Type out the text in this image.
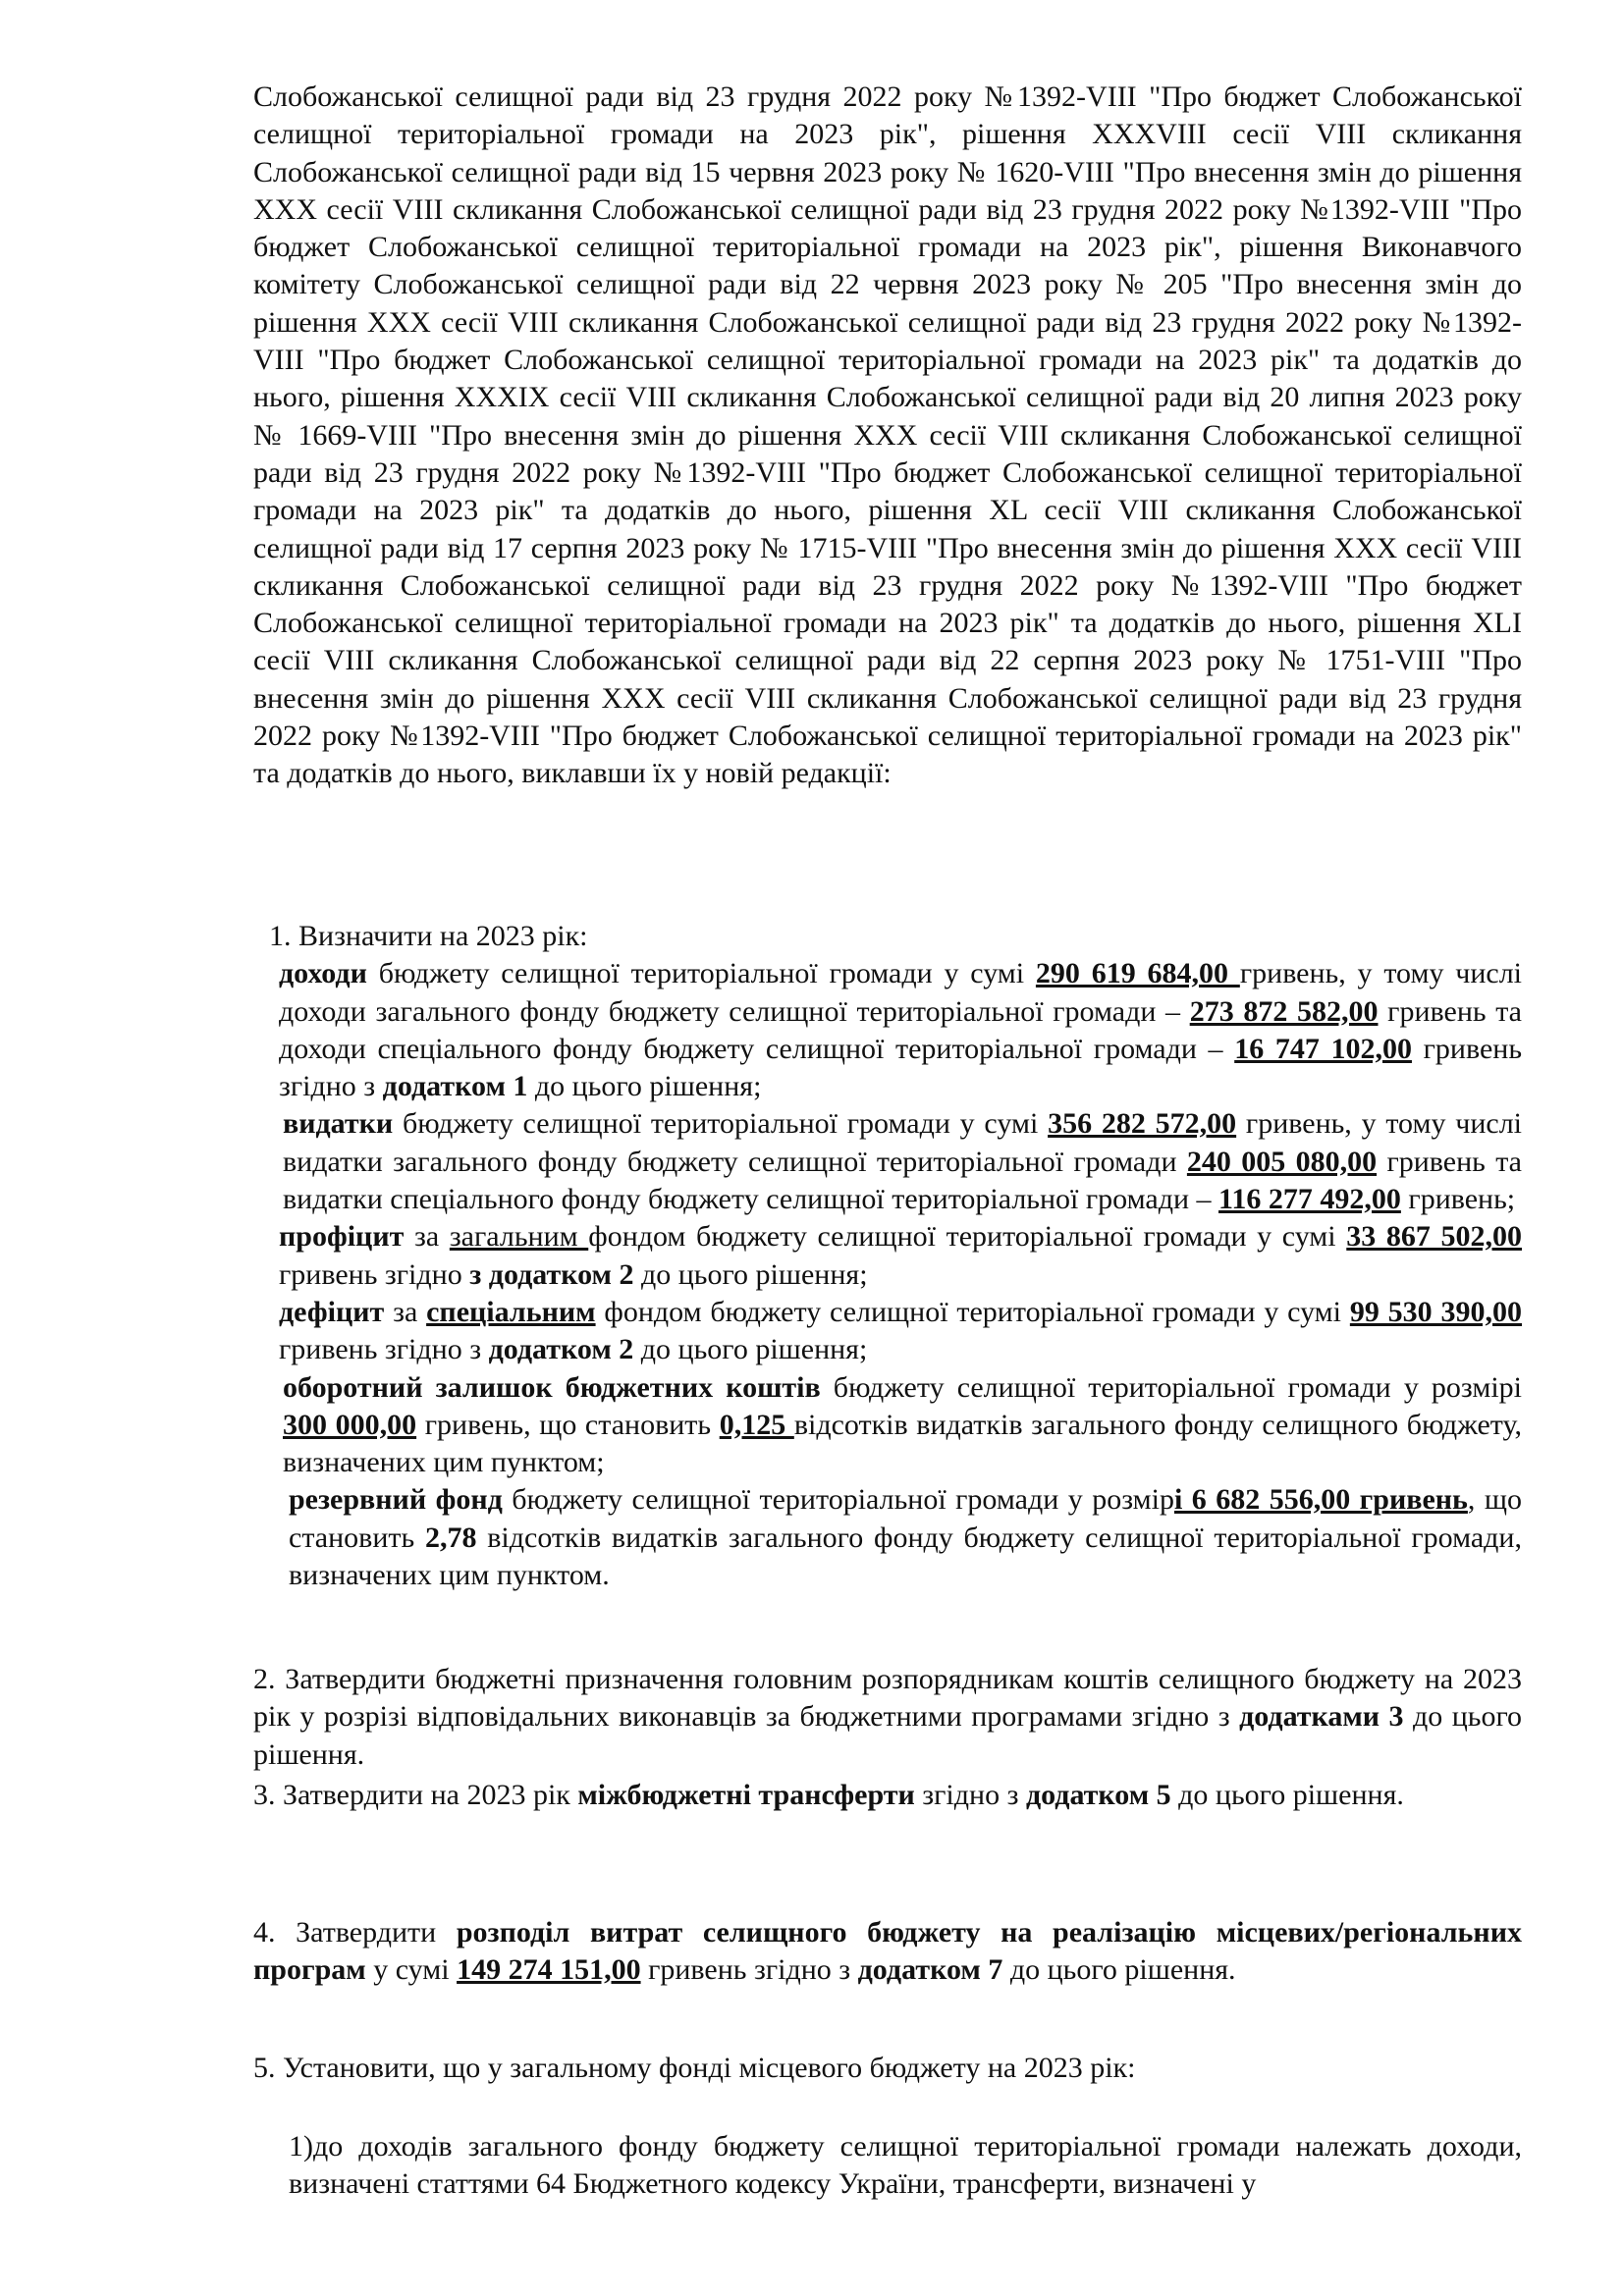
Слобожанської селищної ради від 23 грудня 2022 року №1392-VIII "Про бюджет Слобожанської селищної територіальної громади на 2023 рік", рішення XXXVIII сесії VIII скликання Слобожанської селищної ради від 15 червня 2023 року № 1620-VIII "Про внесення змін до рішення ХХХ сесії VIII скликання Слобожанської селищної ради від 23 грудня 2022 року №1392-VIII "Про бюджет Слобожанської селищної територіальної громади на 2023 рік", рішення Виконавчого комітету Слобожанської селищної ради від 22 червня 2023 року № 205 "Про внесення змін до рішення ХХХ сесії VIII скликання Слобожанської селищної ради від 23 грудня 2022 року №1392-VIII "Про бюджет Слобожанської селищної територіальної громади на 2023 рік" та додатків до нього, рішення XXXIX сесії VIII скликання Слобожанської селищної ради від 20 липня 2023 року № 1669-VIII "Про внесення змін до рішення ХХХ сесії VIII скликання Слобожанської селищної ради від 23 грудня 2022 року №1392-VIII "Про бюджет Слобожанської селищної територіальної громади на 2023 рік" та додатків до нього, рішення XL сесії VIII скликання Слобожанської селищної ради від 17 серпня 2023 року № 1715-VIII "Про внесення змін до рішення ХХХ сесії VIII скликання Слобожанської селищної ради від 23 грудня 2022 року №1392-VIII "Про бюджет Слобожанської селищної територіальної громади на 2023 рік" та додатків до нього, рішення XLI сесії VIII скликання Слобожанської селищної ради від 22 серпня 2023 року № 1751-VIII "Про внесення змін до рішення ХХХ сесії VIII скликання Слобожанської селищної ради від 23 грудня 2022 року №1392-VIII "Про бюджет Слобожанської селищної територіальної громади на 2023 рік" та додатків до нього, виклавши їх у новій редакції:

1. Визначити на 2023 рік:

доходи бюджету селищної територіальної громади у сумі 290 619 684,00 гривень, у тому числі доходи загального фонду бюджету селищної територіальної громади – 273 872 582,00 гривень та доходи спеціального фонду бюджету селищної територіальної громади – 16 747 102,00 гривень згідно з додатком 1 до цього рішення;

видатки бюджету селищної територіальної громади у сумі 356 282 572,00 гривень, у тому числі видатки загального фонду бюджету селищної територіальної громади 240 005 080,00 гривень та видатки спеціального фонду бюджету селищної територіальної громади – 116 277 492,00 гривень;

профіцит за загальним фондом бюджету селищної територіальної громади у сумі 33 867 502,00 гривень згідно з додатком 2 до цього рішення;

дефіцит за спеціальним фондом бюджету селищної територіальної громади у сумі 99 530 390,00 гривень згідно з додатком 2 до цього рішення;

оборотний залишок бюджетних коштів бюджету селищної територіальної громади у розмірі 300 000,00 гривень, що становить 0,125 відсотків видатків загального фонду селищного бюджету, визначених цим пунктом;

резервний фонд бюджету селищної територіальної громади у розмірі 6 682 556,00 гривень, що становить 2,78 відсотків видатків загального фонду бюджету селищної територіальної громади, визначених цим пунктом.

2. Затвердити бюджетні призначення головним розпорядникам коштів селищного бюджету на 2023 рік у розрізі відповідальних виконавців за бюджетними програмами згідно з додатками 3 до цього рішення.

3. Затвердити на 2023 рік міжбюджетні трансферти згідно з додатком 5 до цього рішення.

4. Затвердити розподіл витрат селищного бюджету на реалізацію місцевих/регіональних програм у сумі 149 274 151,00 гривень згідно з додатком 7 до цього рішення.

5. Установити, що у загальному фонді місцевого бюджету на 2023 рік:

1)до доходів загального фонду бюджету селищної територіальної громади належать доходи, визначені статтями 64 Бюджетного кодексу України, трансферти, визначені у
